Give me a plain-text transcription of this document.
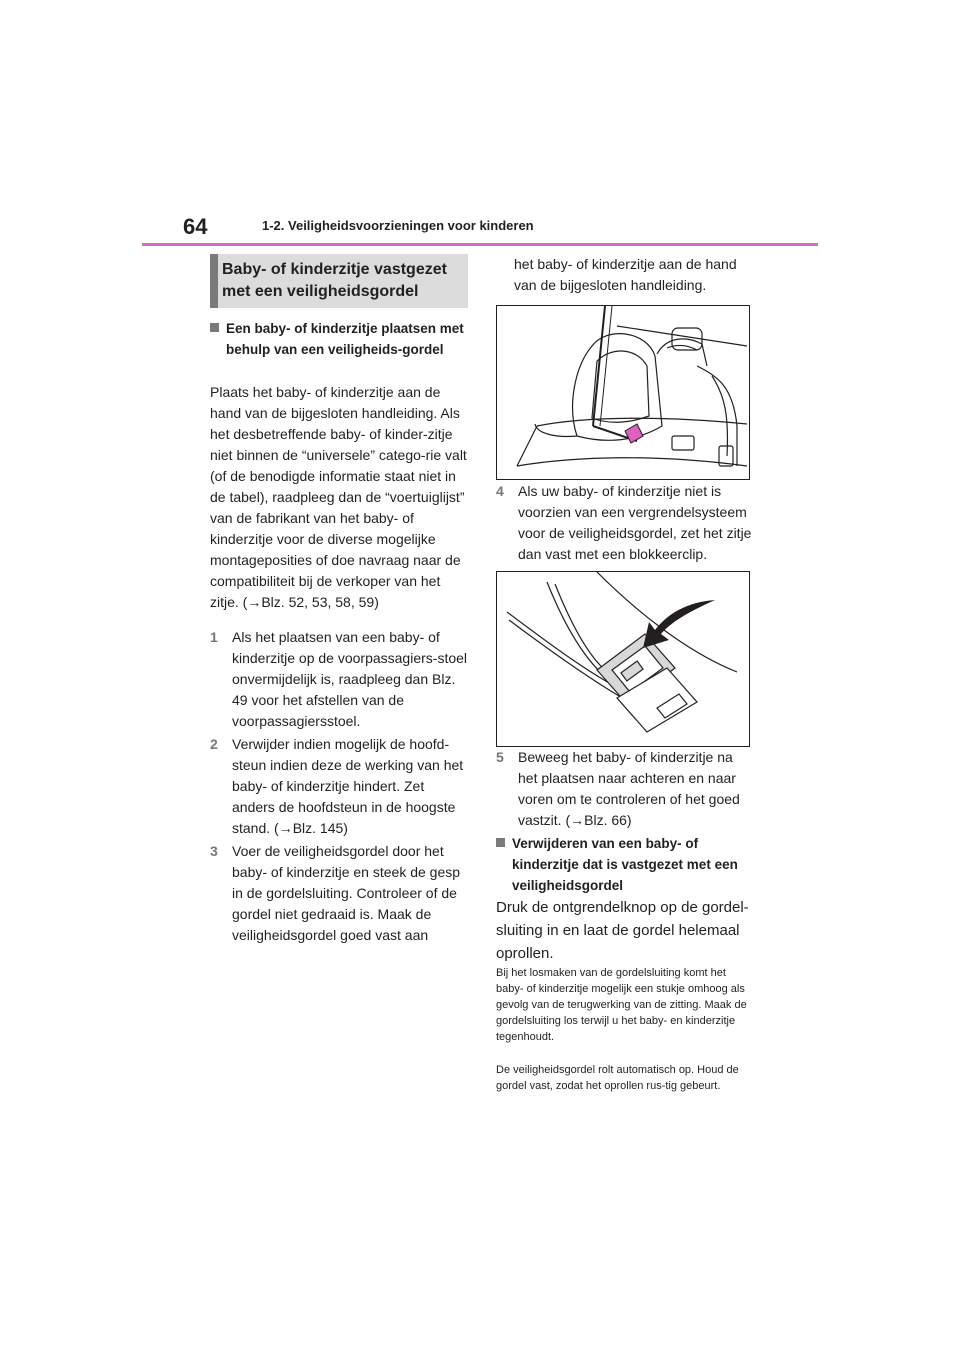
64	1-2. Veiligheidsvoorzieningen voor kinderen
Baby- of kinderzitje vastgezet met een veiligheidsgordel
Een baby- of kinderzitje plaatsen met behulp van een veiligheids-gordel
Plaats het baby- of kinderzitje aan de hand van de bijgesloten handleiding. Als het desbetreffende baby- of kinder-zitje niet binnen de “universele” catego-rie valt (of de benodigde informatie staat niet in de tabel), raadpleeg dan de “voertuiglijst” van de fabrikant van het baby- of kinderzitje voor de diverse mogelijke montageposities of doe navraag naar de compatibiliteit bij de verkoper van het zitje. (→Blz. 52, 53, 58, 59)
1	Als het plaatsen van een baby- of kinderzitje op de voorpassagiers-stoel onvermijdelijk is, raadpleeg dan Blz. 49 voor het afstellen van de voorpassagiersstoel.
2	Verwijder indien mogelijk de hoofd-steun indien deze de werking van het baby- of kinderzitje hindert. Zet anders de hoofdsteun in de hoogste stand. (→Blz. 145)
3	Voer de veiligheidsgordel door het baby- of kinderzitje en steek de gesp in de gordelsluiting. Controleer of de gordel niet gedraaid is. Maak de veiligheidsgordel goed vast aan
het baby- of kinderzitje aan de hand van de bijgesloten handleiding.
4	Als uw baby- of kinderzitje niet is voorzien van een vergrendelsysteem voor de veiligheidsgordel, zet het zitje dan vast met een blokkeerclip.
5	Beweeg het baby- of kinderzitje na het plaatsen naar achteren en naar voren om te controleren of het goed vastzit. (→Blz. 66)
Verwijderen van een baby- of kinderzitje dat is vastgezet met een veiligheidsgordel
Druk de ontgrendelknop op de gordel-sluiting in en laat de gordel helemaal oprollen.
Bij het losmaken van de gordelsluiting komt het baby- of kinderzitje mogelijk een stukje omhoog als gevolg van de terugwerking van de zitting. Maak de gordelsluiting los terwijl u het baby- en kinderzitje tegenhoudt.
De veiligheidsgordel rolt automatisch op. Houd de gordel vast, zodat het oprollen rus-tig gebeurt.
